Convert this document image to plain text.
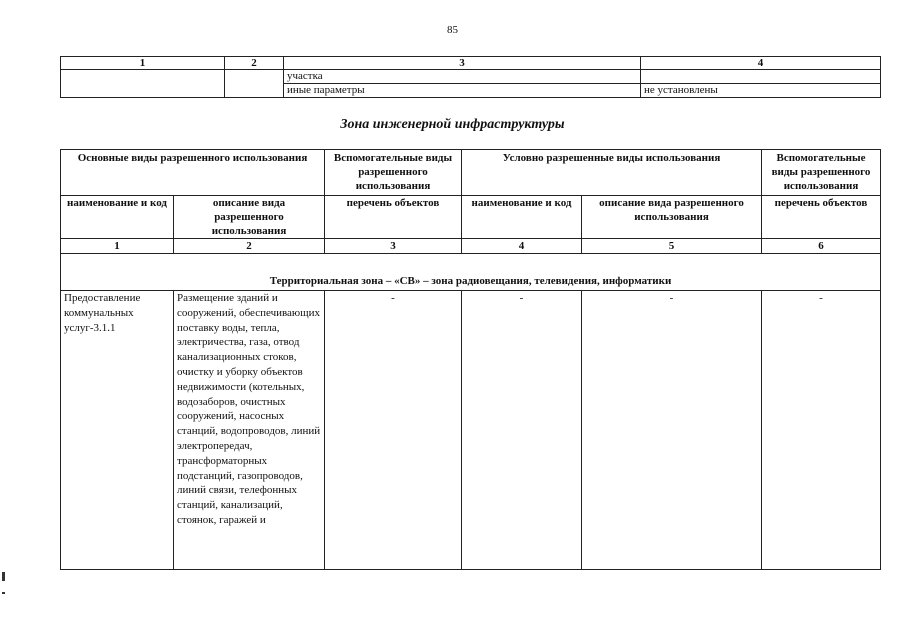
85
1	2	3	4
		участка	
		иные параметры	не установлены
Зона инженерной инфраструктуры
Основные виды разрешенного использования		Вспомогательные виды разрешенного использования	Условно разрешенные виды использования		Вспомогательные виды разрешенного использования
наименование и код	описание вида разрешенного использования	перечень объектов	наименование и код	описание вида разрешенного использования	перечень объектов
1	2	3	4	5	6
Территориальная зона – «СВ» – зона радиовещания, телевидения, информатики					
Предоставление коммунальных услуг-3.1.1	Размещение зданий и сооружений, обеспечивающих поставку воды, тепла, электричества, газа, отвод канализационных стоков, очистку и уборку объектов недвижимости (котельных, водозаборов, очистных сооружений, насосных станций, водопроводов, линий электропередач, трансформаторных подстанций, газопроводов, линий связи, телефонных станций, канализаций, стоянок, гаражей и	-	-	-	-
